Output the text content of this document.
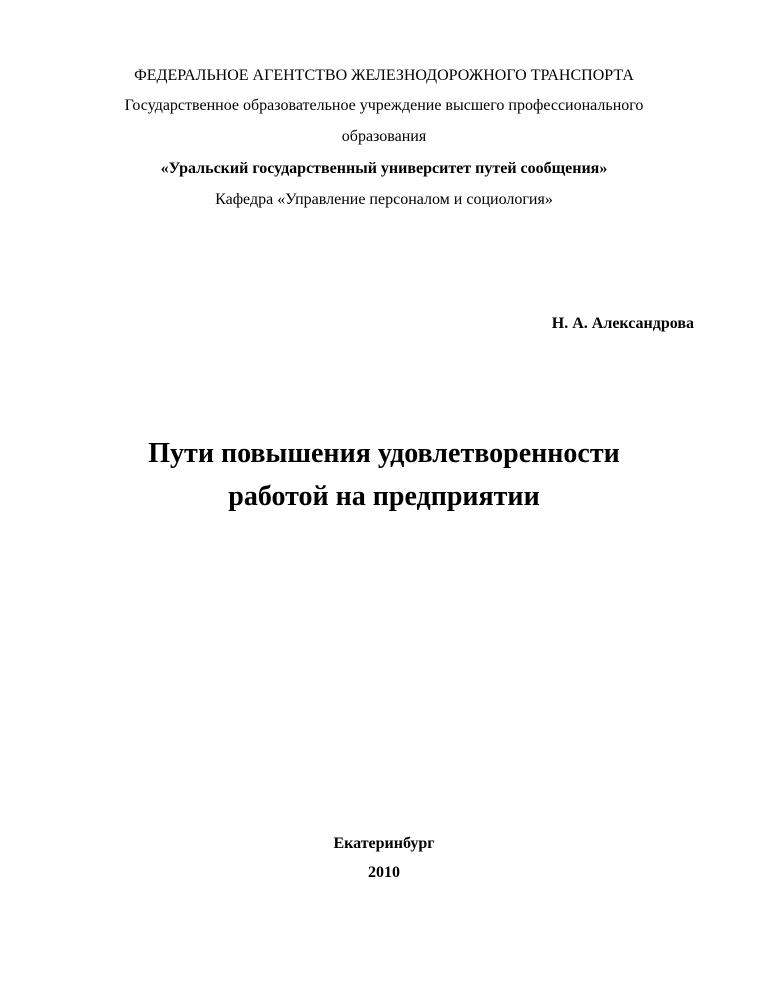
ФЕДЕРАЛЬНОЕ АГЕНТСТВО ЖЕЛЕЗНОДОРОЖНОГО ТРАНСПОРТА
Государственное образовательное учреждение высшего профессионального
образования
«Уральский государственный университет путей сообщения»
Кафедра «Управление персоналом и социология»
Н. А. Александрова
Пути повышения удовлетворенности
работой на предприятии
Екатеринбург
2010
